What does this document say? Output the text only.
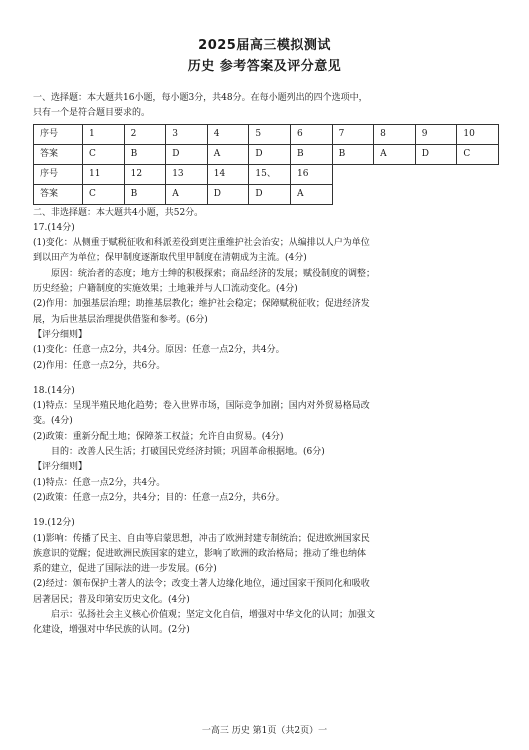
2025届高三模拟测试
历史 参考答案及评分意见

一、选择题：本大题共16小题，每小题3分，共48分。在每小题列出的四个选项中，

只有一个是符合题目要求的。

序号	1	2	3	4	5	6	7	8	9	10
答案	C	B	D	A	D	B	B	A	D	C
序号	11	12	13	14	15、	16				
答案	C	B	A	D	D	A				

二、非选择题：本大题共4小题，共52分。

17.(14分)

(1)变化：从侧重于赋税征收和科派差役到更注重维护社会治安；从编排以人户为单位

到以田产为单位；保甲制度逐渐取代里甲制度在清朝成为主流。(4分)

原因：统治者的态度；地方士绅的积极探索；商品经济的发展；赋役制度的调整；

历史经验；户籍制度的实施效果；土地兼并与人口流动变化。(4分)

(2)作用：加强基层治理；助推基层教化；维护社会稳定；保障赋税征收；促进经济发

展，为后世基层治理提供借鉴和参考。(6分)

【评分细则】

(1)变化：任意一点2分，共4分。原因：任意一点2分，共4分。

(2)作用：任意一点2分，共6分。

18.(14分)

(1)特点：呈现半殖民地化趋势；卷入世界市场，国际竞争加剧；国内对外贸易格局改

变。(4分)

(2)政策：重新分配土地；保障茶工权益；允许自由贸易。(4分)

目的：改善人民生活；打破国民党经济封锁；巩固革命根据地。(6分)

【评分细则】

(1)特点：任意一点2分，共4分。

(2)政策：任意一点2分，共4分；目的：任意一点2分，共6分。

19.(12分)

(1)影响：传播了民主、自由等启蒙思想，冲击了欧洲封建专制统治；促进欧洲国家民

族意识的觉醒；促进欧洲民族国家的建立，影响了欧洲的政治格局；推动了维也纳体

系的建立，促进了国际法的进一步发展。(6分)

(2)经过：颁布保护土著人的法令；改变土著人边缘化地位，通过国家干预同化和吸收

居著居民；普及印第安历史文化。(4分)

启示：弘扬社会主义核心价值观；坚定文化自信，增强对中华文化的认同；加强文

化建设，增强对中华民族的认同。(2分)

一高三 历史 第1页（共2页）一
